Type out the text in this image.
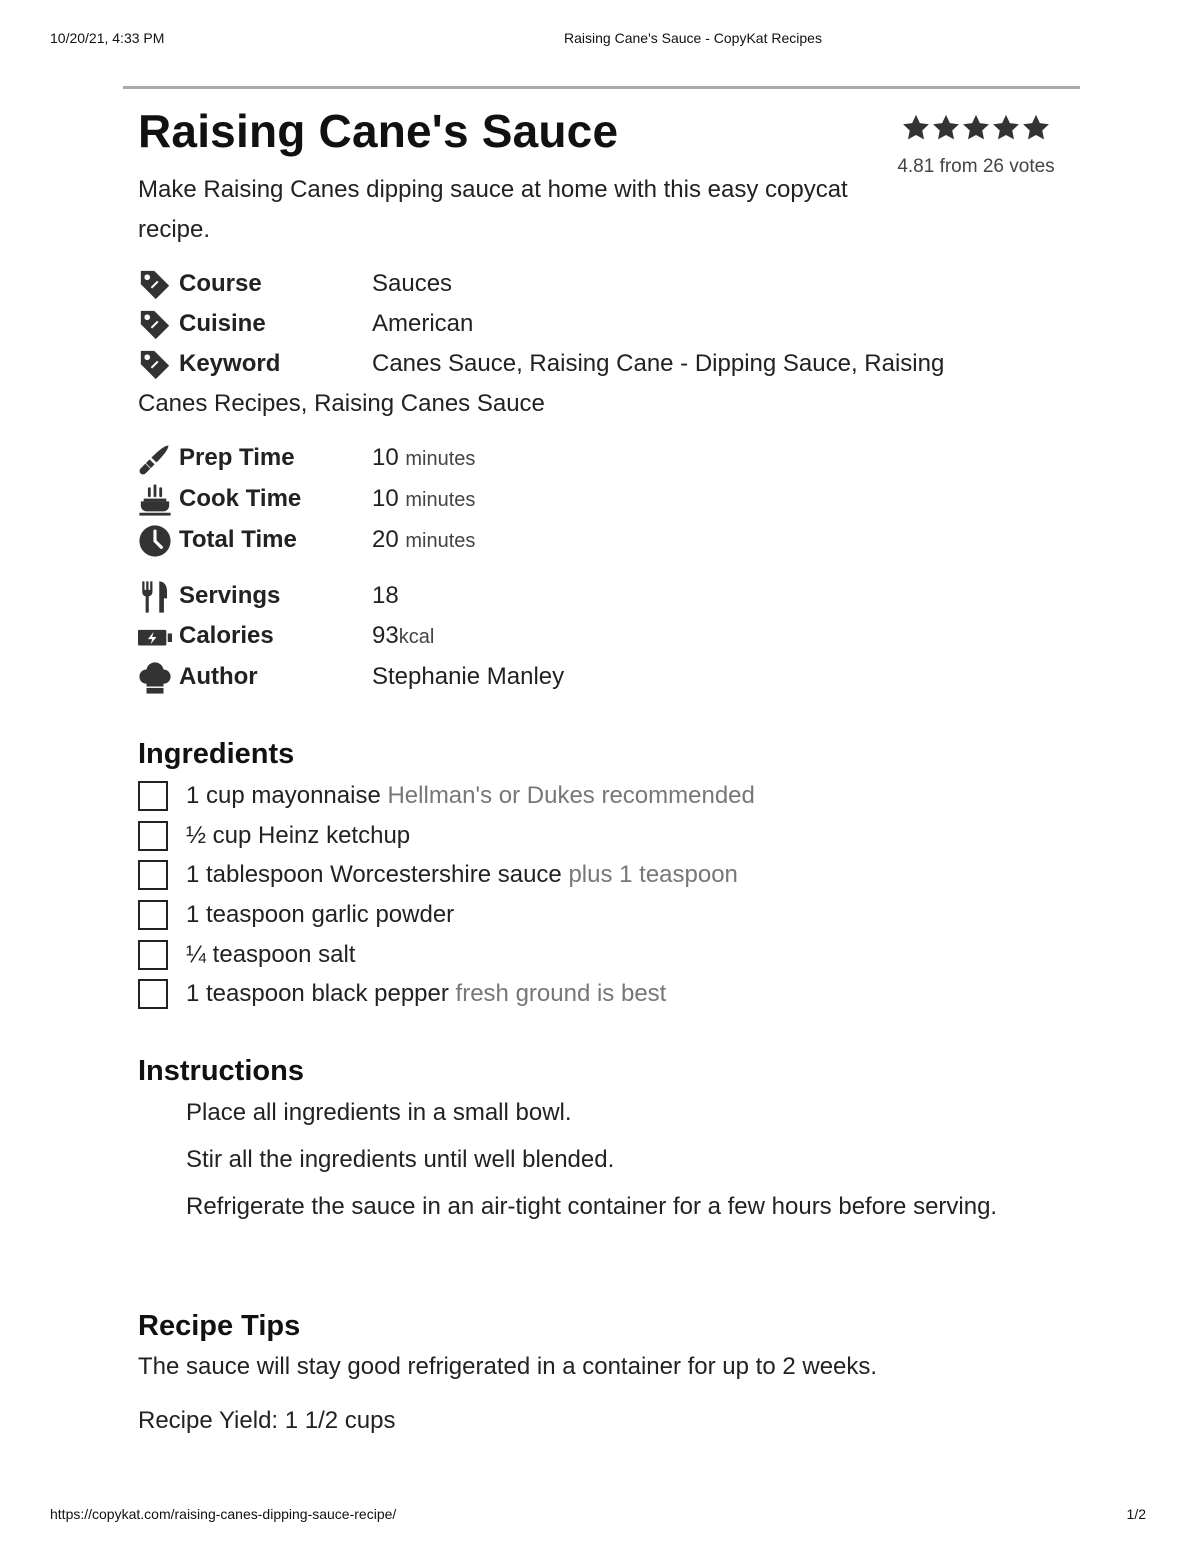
10/20/21, 4:33 PM	Raising Cane's Sauce - CopyKat Recipes
Raising Cane's Sauce
4.81 from 26 votes
Make Raising Canes dipping sauce at home with this easy copycat recipe.
Course	Sauces
Cuisine	American
Keyword	Canes Sauce, Raising Cane - Dipping Sauce, Raising
Canes Recipes, Raising Canes Sauce
Prep Time	10 minutes
Cook Time	10 minutes
Total Time	20 minutes
Servings	18
Calories	93kcal
Author	Stephanie Manley
Ingredients
1 cup mayonnaise Hellman's or Dukes recommended
½ cup Heinz ketchup
1 tablespoon Worcestershire sauce plus 1 teaspoon
1 teaspoon garlic powder
¼ teaspoon salt
1 teaspoon black pepper fresh ground is best
Instructions

Place all ingredients in a small bowl.

Stir all the ingredients until well blended.

Refrigerate the sauce in an air-tight container for a few hours before serving.

Recipe Tips
The sauce will stay good refrigerated in a container for up to 2 weeks.
Recipe Yield: 1 1/2 cups
https://copykat.com/raising-canes-dipping-sauce-recipe/	1/2
